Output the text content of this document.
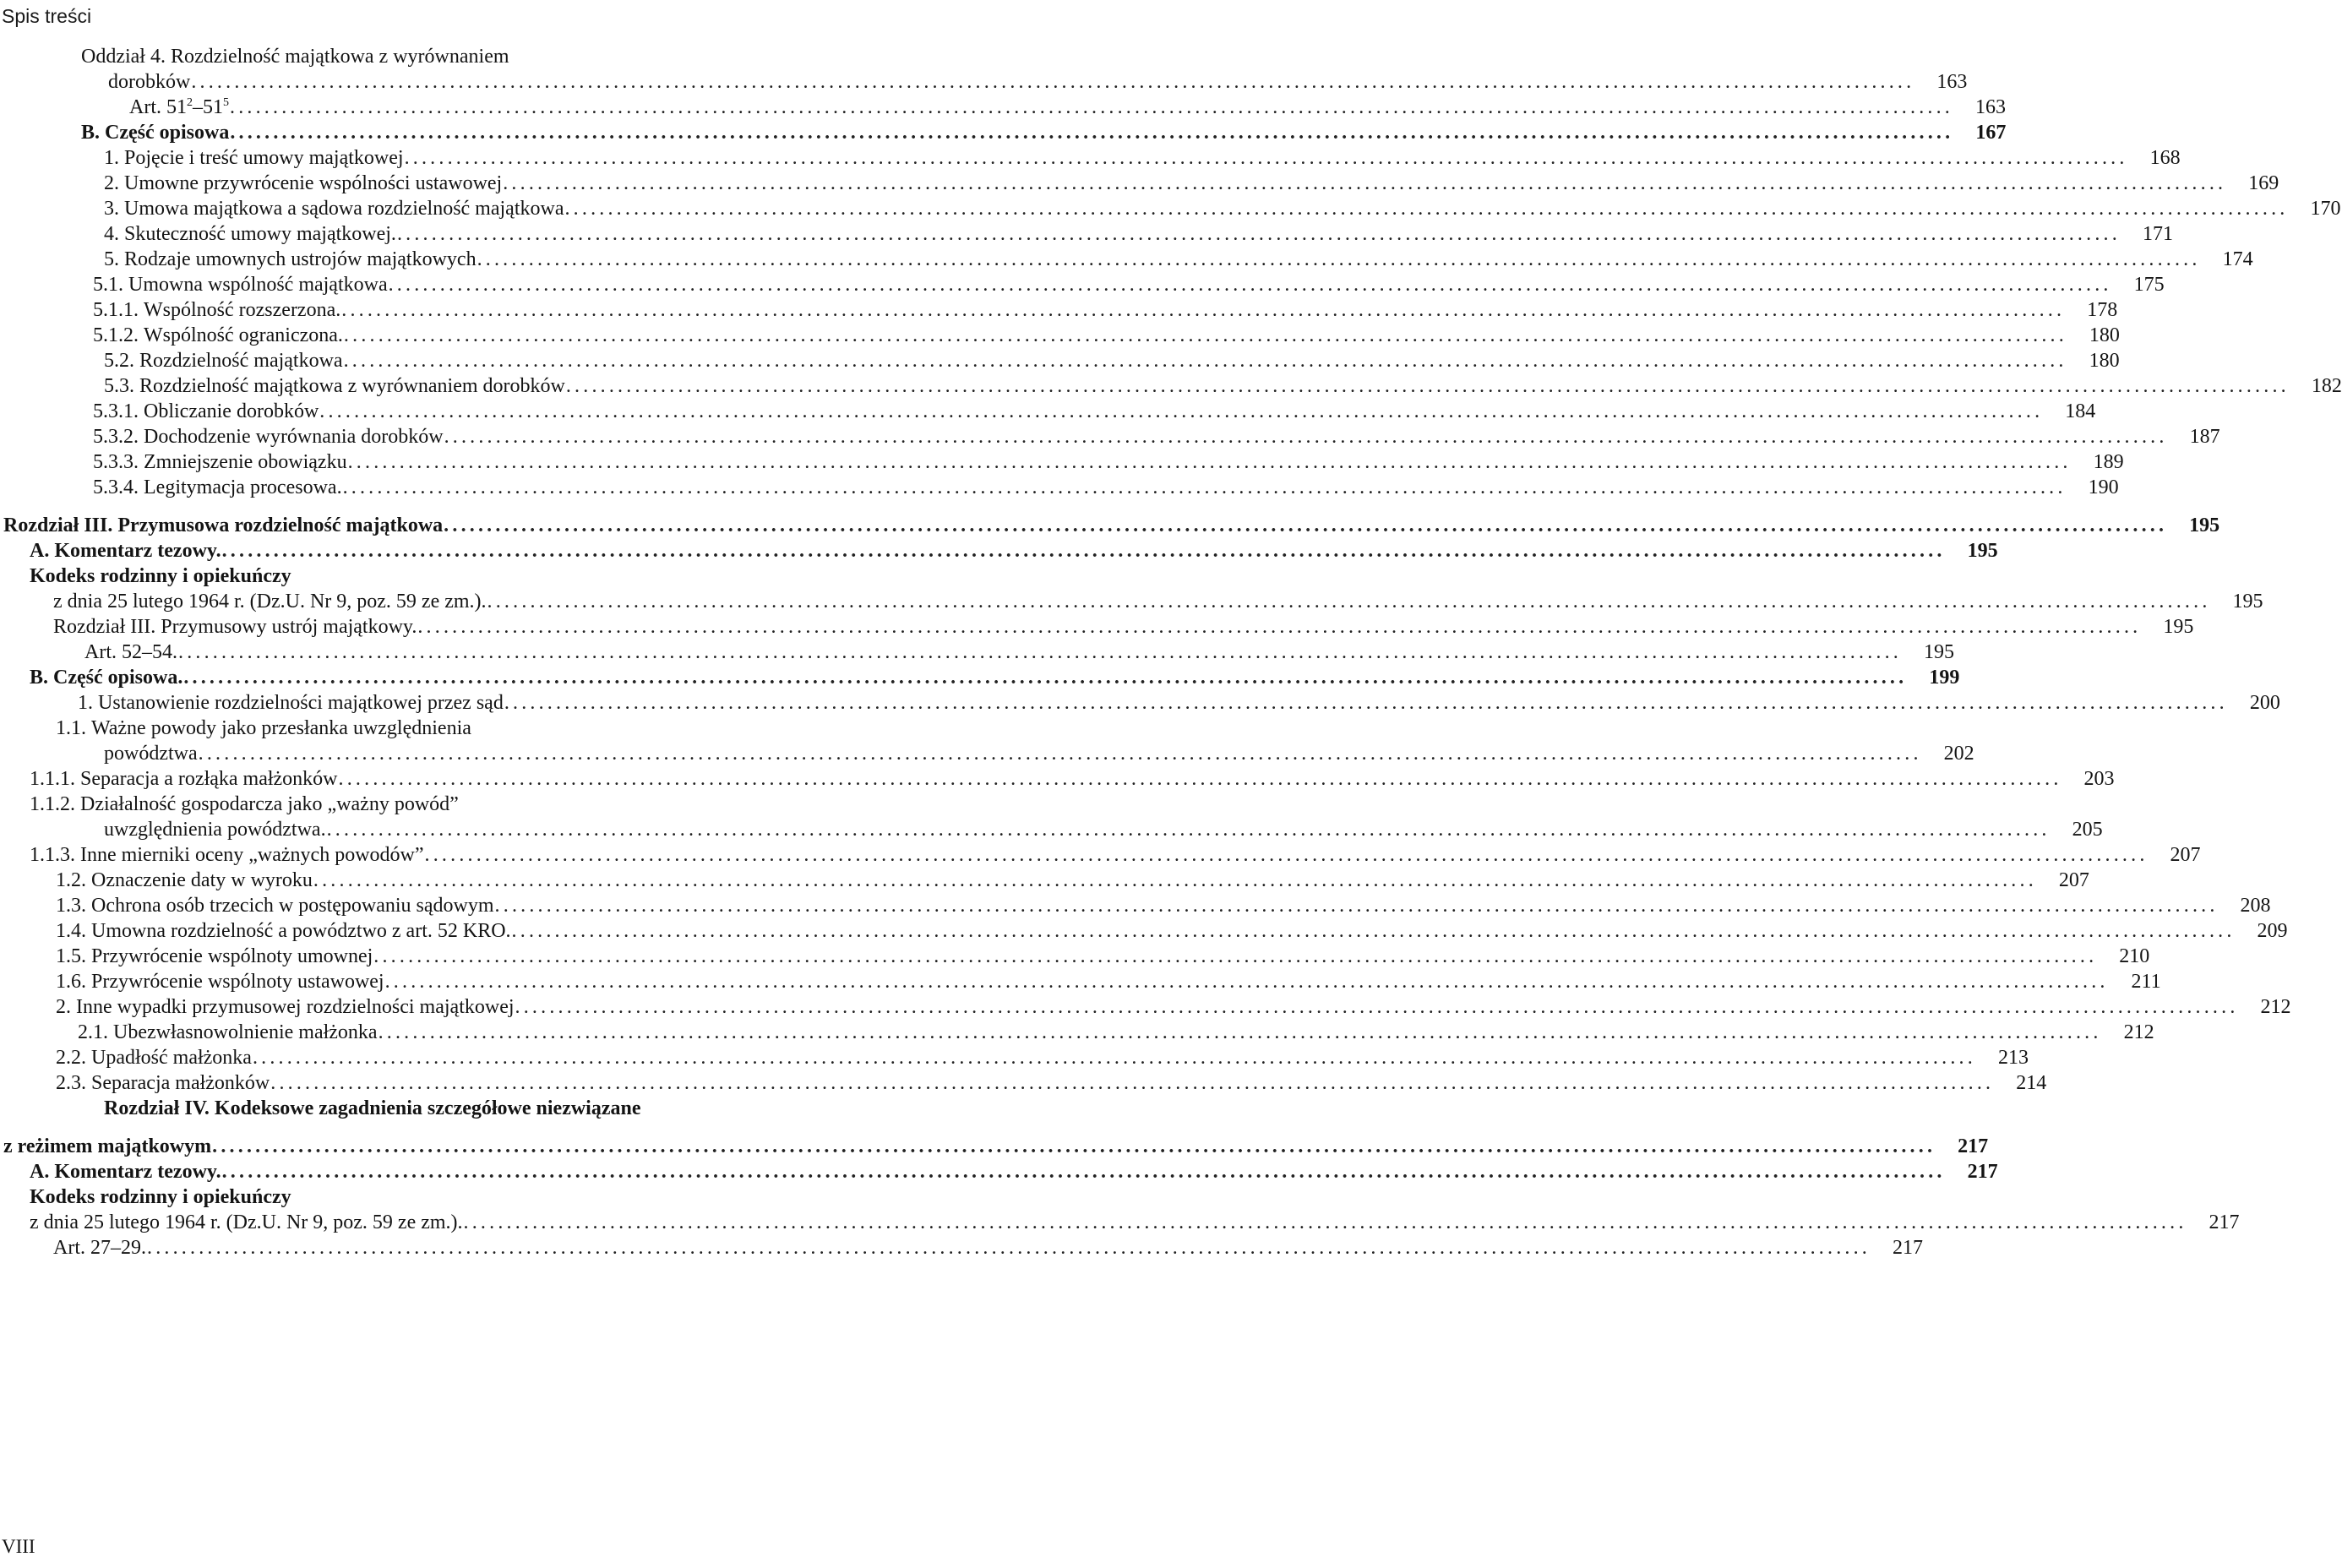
Spis treści
Oddział 4. Rozdzielność majątkowa z wyrównaniem
dorobków ........................................................................................................................................................................................................	163
Art. $51^2-51^5$ ........................................................................................................................................................................................................	163
B. Część opisowa ........................................................................................................................................................................................................	167
1. Pojęcie i treść umowy majątkowej ........................................................................................................................................................................................................	168
2. Umowne przywrócenie wspólności ustawowej ........................................................................................................................................................................................................	169
3. Umowa majątkowa a sądowa rozdzielność majątkowa ........................................................................................................................................................................................................	170
4. Skuteczność umowy majątkowej. ........................................................................................................................................................................................................	171
5. Rodzaje umownych ustrojów majątkowych ........................................................................................................................................................................................................	174
5.1. Umowna wspólność majątkowa ........................................................................................................................................................................................................	175
5.1.1. Wspólność rozszerzona. ........................................................................................................................................................................................................	178
5.1.2. Wspólność ograniczona. ........................................................................................................................................................................................................	180
5.2. Rozdzielność majątkowa ........................................................................................................................................................................................................	180
5.3. Rozdzielność majątkowa z wyrównaniem dorobków ........................................................................................................................................................................................................	182
5.3.1. Obliczanie dorobków ........................................................................................................................................................................................................	184
5.3.2. Dochodzenie wyrównania dorobków ........................................................................................................................................................................................................	187
5.3.3. Zmniejszenie obowiązku ........................................................................................................................................................................................................	189
5.3.4. Legitymacja procesowa. ........................................................................................................................................................................................................	190
Rozdział III. Przymusowa rozdzielność majątkowa ........................................................................................................................................................................................................	195
A. Komentarz tezowy. ........................................................................................................................................................................................................	195
Kodeks rodzinny i opiekuńczy
z dnia 25 lutego 1964 r. (Dz.U. Nr 9, poz. 59 ze zm.). ........................................................................................................................................................................................................	195
Rozdział III. Przymusowy ustrój majątkowy. ........................................................................................................................................................................................................	195
Art. 52–54. ........................................................................................................................................................................................................	195
B. Część opisowa. ........................................................................................................................................................................................................	199
1. Ustanowienie rozdzielności majątkowej przez sąd ........................................................................................................................................................................................................	200
1.1. Ważne powody jako przesłanka uwzględnienia
powództwa ........................................................................................................................................................................................................	202
1.1.1. Separacja a rozłąka małżonków ........................................................................................................................................................................................................	203
1.1.2. Działalność gospodarcza jako „ważny powód”
uwzględnienia powództwa. ........................................................................................................................................................................................................	205
1.1.3. Inne mierniki oceny „ważnych powodów” ........................................................................................................................................................................................................	207
1.2. Oznaczenie daty w wyroku ........................................................................................................................................................................................................	207
1.3. Ochrona osób trzecich w postępowaniu sądowym ........................................................................................................................................................................................................	208
1.4. Umowna rozdzielność a powództwo z art. 52 KRO. ........................................................................................................................................................................................................	209
1.5. Przywrócenie wspólnoty umownej ........................................................................................................................................................................................................	210
1.6. Przywrócenie wspólnoty ustawowej ........................................................................................................................................................................................................	211
2. Inne wypadki przymusowej rozdzielności majątkowej ........................................................................................................................................................................................................	212
2.1. Ubezwłasnowolnienie małżonka ........................................................................................................................................................................................................	212
2.2. Upadłość małżonka ........................................................................................................................................................................................................	213
2.3. Separacja małżonków ........................................................................................................................................................................................................	214
Rozdział IV. Kodeksowe zagadnienia szczegółowe niezwiązane
z reżimem majątkowym ........................................................................................................................................................................................................	217
A. Komentarz tezowy. ........................................................................................................................................................................................................	217
Kodeks rodzinny i opiekuńczy
z dnia 25 lutego 1964 r. (Dz.U. Nr 9, poz. 59 ze zm.). ........................................................................................................................................................................................................	217
Art. 27–29. ........................................................................................................................................................................................................	217
VIII
